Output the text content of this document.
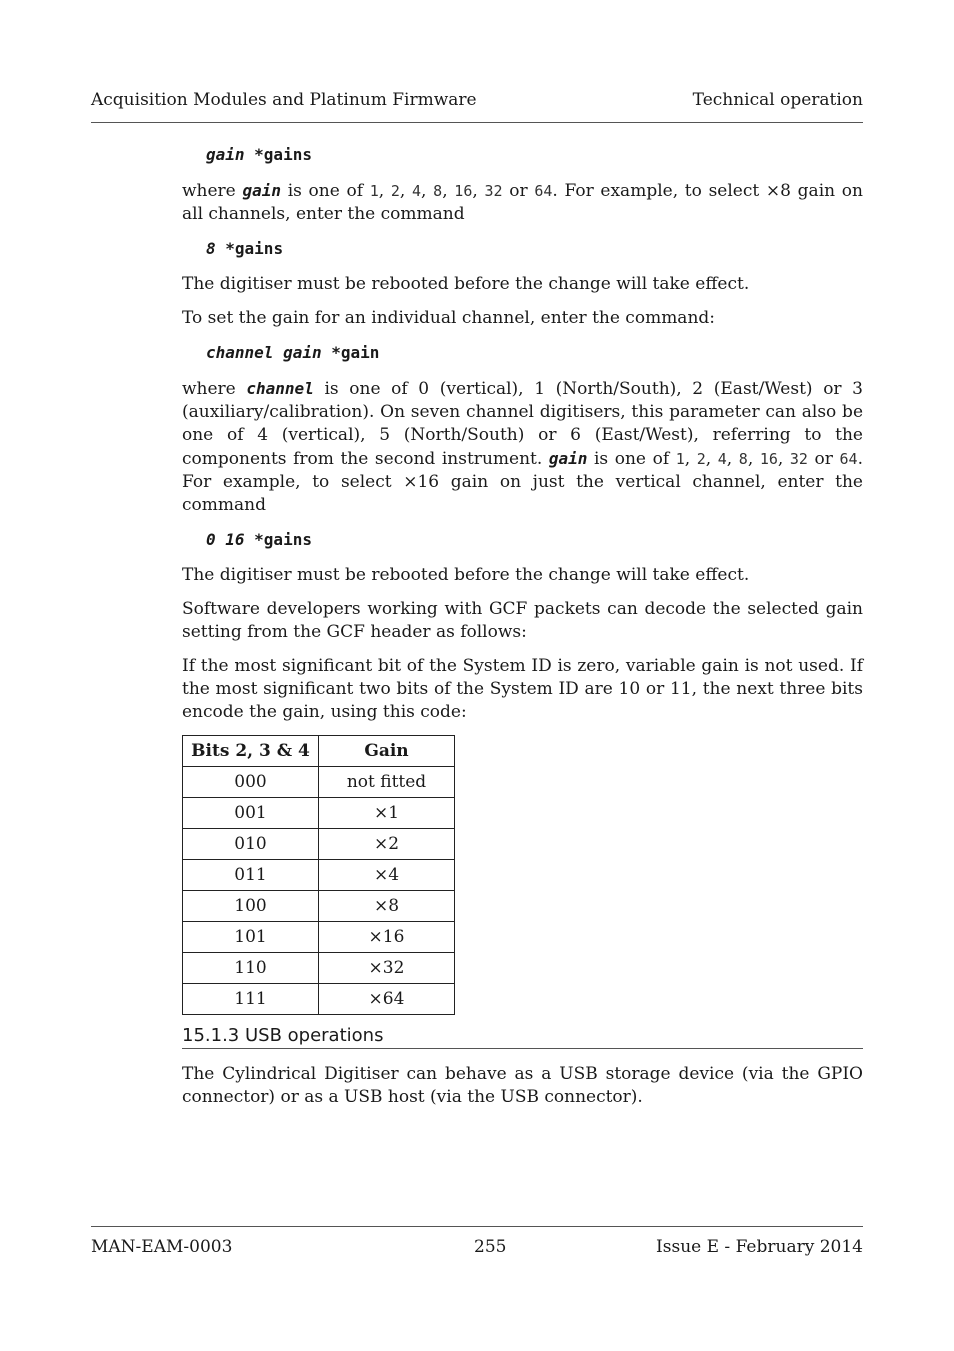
Acquisition Modules and Platinum Firmware	Technical operation
gain *gains

where gain is one of 1, 2, 4, 8, 16, 32 or 64. For example, to select ×8 gain on all channels, enter the command

8 *gains

The digitiser must be rebooted before the change will take effect.

To set the gain for an individual channel, enter the command:

channel gain *gain

where channel is one of 0 (vertical), 1 (North/South), 2 (East/West) or 3 (auxiliary/calibration). On seven channel digitisers, this parameter can also be one of 4 (vertical), 5 (North/South) or 6 (East/West), referring to the components from the second instrument. gain is one of 1, 2, 4, 8, 16, 32 or 64. For example, to select ×16 gain on just the vertical channel, enter the command

0 16 *gains

The digitiser must be rebooted before the change will take effect.

Software developers working with GCF packets can decode the selected gain setting from the GCF header as follows:

If the most significant bit of the System ID is zero, variable gain is not used. If the most significant two bits of the System ID are 10 or 11, the next three bits encode the gain, using this code:

Bits 2, 3 & 4	Gain
000	not fitted
001	×1
010	×2
011	×4
100	×8
101	×16
110	×32
111	×64
15.1.3 USB operations

The Cylindrical Digitiser can behave as a USB storage device (via the GPIO connector) or as a USB host (via the USB connector).

MAN-EAM-0003	255	Issue E - February 2014
